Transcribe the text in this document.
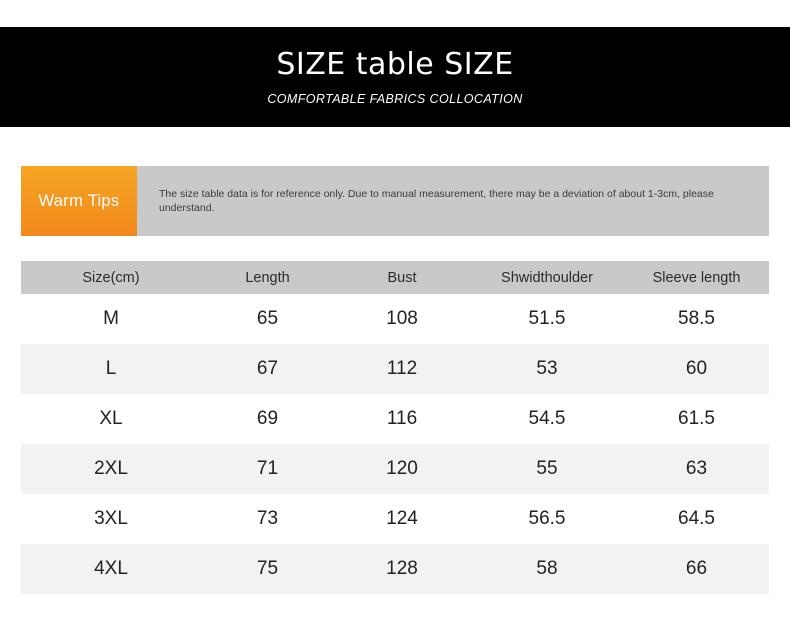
SIZE table SIZE
COMFORTABLE FABRICS COLLOCATION
Warm Tips	The size table data is for reference only. Due to manual measurement, there may be a deviation of about 1-3cm, please understand.
Size(cm)	Length	Bust	Shwidthoulder	Sleeve length
M	65	108	51.5	58.5
L	67	112	53	60
XL	69	116	54.5	61.5
2XL	71	120	55	63
3XL	73	124	56.5	64.5
4XL	75	128	58	66
